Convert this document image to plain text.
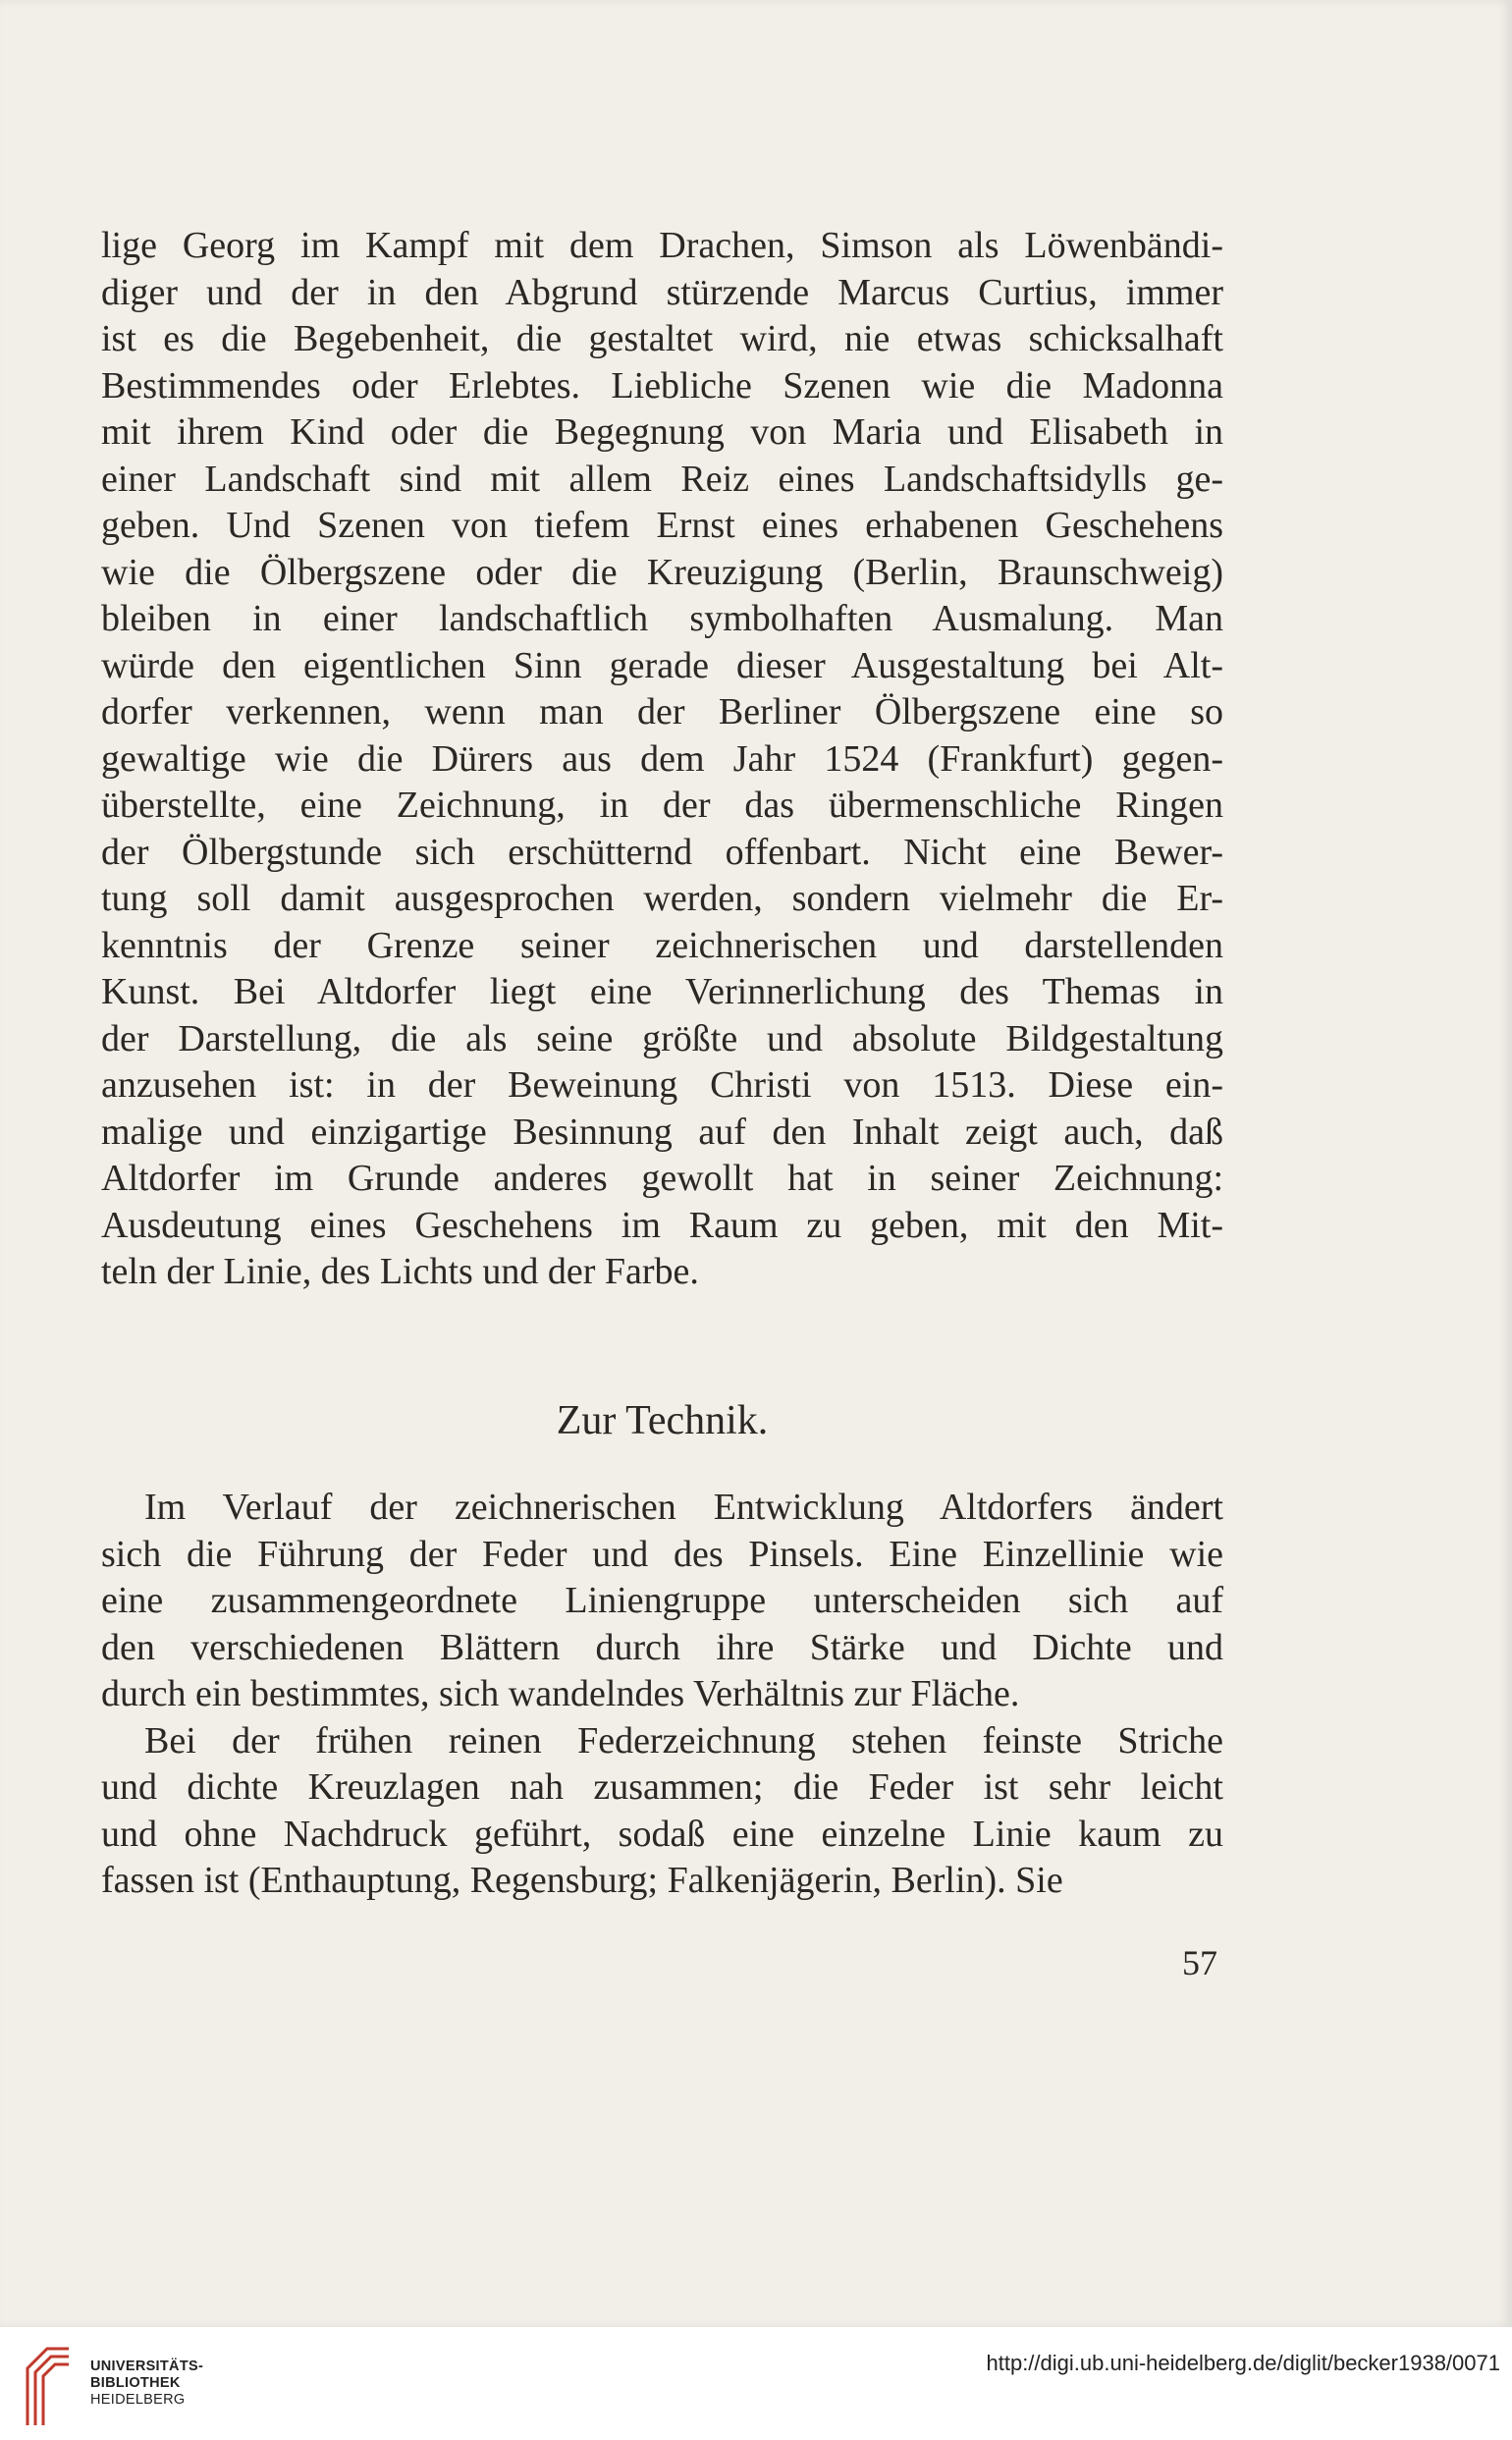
lige Georg im Kampf mit dem Drachen, Simson als Löwenbändi-
diger und der in den Abgrund stürzende Marcus Curtius, immer
ist es die Begebenheit, die gestaltet wird, nie etwas schicksalhaft
Bestimmendes oder Erlebtes. Liebliche Szenen wie die Madonna
mit ihrem Kind oder die Begegnung von Maria und Elisabeth in
einer Landschaft sind mit allem Reiz eines Landschaftsidylls ge-
geben. Und Szenen von tiefem Ernst eines erhabenen Geschehens
wie die Ölbergszene oder die Kreuzigung (Berlin, Braunschweig)
bleiben in einer landschaftlich symbolhaften Ausmalung. Man
würde den eigentlichen Sinn gerade dieser Ausgestaltung bei Alt-
dorfer verkennen, wenn man der Berliner Ölbergszene eine so
gewaltige wie die Dürers aus dem Jahr 1524 (Frankfurt) gegen-
überstellte, eine Zeichnung, in der das übermenschliche Ringen
der Ölbergstunde sich erschütternd offenbart. Nicht eine Bewer-
tung soll damit ausgesprochen werden, sondern vielmehr die Er-
kenntnis der Grenze seiner zeichnerischen und darstellenden
Kunst. Bei Altdorfer liegt eine Verinnerlichung des Themas in
der Darstellung, die als seine größte und absolute Bildgestaltung
anzusehen ist: in der Beweinung Christi von 1513. Diese ein-
malige und einzigartige Besinnung auf den Inhalt zeigt auch, daß
Altdorfer im Grunde anderes gewollt hat in seiner Zeichnung:
Ausdeutung eines Geschehens im Raum zu geben, mit den Mit-
teln der Linie, des Lichts und der Farbe.
Zur Technik.
Im Verlauf der zeichnerischen Entwicklung Altdorfers ändert
sich die Führung der Feder und des Pinsels. Eine Einzellinie wie
eine zusammengeordnete Liniengruppe unterscheiden sich auf
den verschiedenen Blättern durch ihre Stärke und Dichte und
durch ein bestimmtes, sich wandelndes Verhältnis zur Fläche.
Bei der frühen reinen Federzeichnung stehen feinste Striche
und dichte Kreuzlagen nah zusammen; die Feder ist sehr leicht
und ohne Nachdruck geführt, sodaß eine einzelne Linie kaum zu
fassen ist (Enthauptung, Regensburg; Falkenjägerin, Berlin). Sie
57
UNIVERSITÄTS-
BIBLIOTHEK
HEIDELBERG
http://digi.ub.uni-heidelberg.de/diglit/becker1938/0071
